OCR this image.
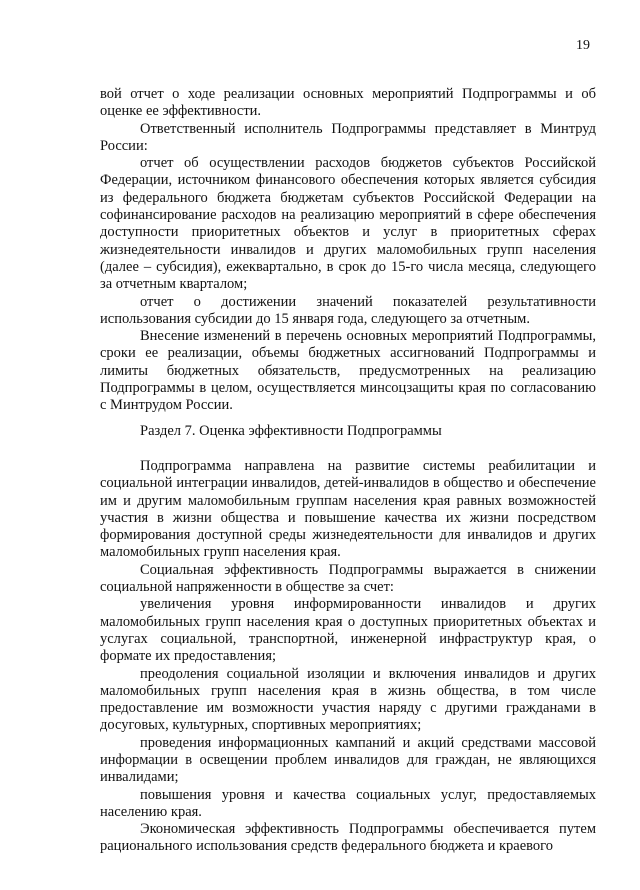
19

вой отчет о ходе реализации основных мероприятий Подпрограммы и об оценке ее эффективности.

Ответственный исполнитель Подпрограммы представляет в Минтруд России:

отчет об осуществлении расходов бюджетов субъектов Российской Федерации, источником финансового обеспечения которых является субсидия из федерального бюджета бюджетам субъектов Российской Федерации на софинансирование расходов на реализацию мероприятий в сфере обеспечения доступности приоритетных объектов и услуг в приоритетных сферах жизнедеятельности инвалидов и других маломобильных групп населения (далее – субсидия), ежеквартально, в срок до 15-го числа месяца, следующего за отчетным кварталом;

отчет о достижении значений показателей результативности использования субсидии до 15 января года, следующего за отчетным.

Внесение изменений в перечень основных мероприятий Подпрограммы, сроки ее реализации, объемы бюджетных ассигнований Подпрограммы и лимиты бюджетных обязательств, предусмотренных на реализацию Подпрограммы в целом, осуществляется минсоцзащиты края по согласованию с Минтрудом России.

Раздел 7. Оценка эффективности Подпрограммы

Подпрограмма направлена на развитие системы реабилитации и социальной интеграции инвалидов, детей-инвалидов в общество и обеспечение им и другим маломобильным группам населения края равных возможностей участия в жизни общества и повышение качества их жизни посредством формирования доступной среды жизнедеятельности для инвалидов и других маломобильных групп населения края.

Социальная эффективность Подпрограммы выражается в снижении социальной напряженности в обществе за счет:

увеличения уровня информированности инвалидов и других маломобильных групп населения края о доступных приоритетных объектах и услугах социальной, транспортной, инженерной инфраструктур края, о формате их предоставления;

преодоления социальной изоляции и включения инвалидов и других маломобильных групп населения края в жизнь общества, в том числе предоставление им возможности участия наряду с другими гражданами в досуговых, культурных, спортивных мероприятиях;

проведения информационных кампаний и акций средствами массовой информации в освещении проблем инвалидов для граждан, не являющихся инвалидами;

повышения уровня и качества социальных услуг, предоставляемых населению края.

Экономическая эффективность Подпрограммы обеспечивается путем рационального использования средств федерального бюджета и краевого
